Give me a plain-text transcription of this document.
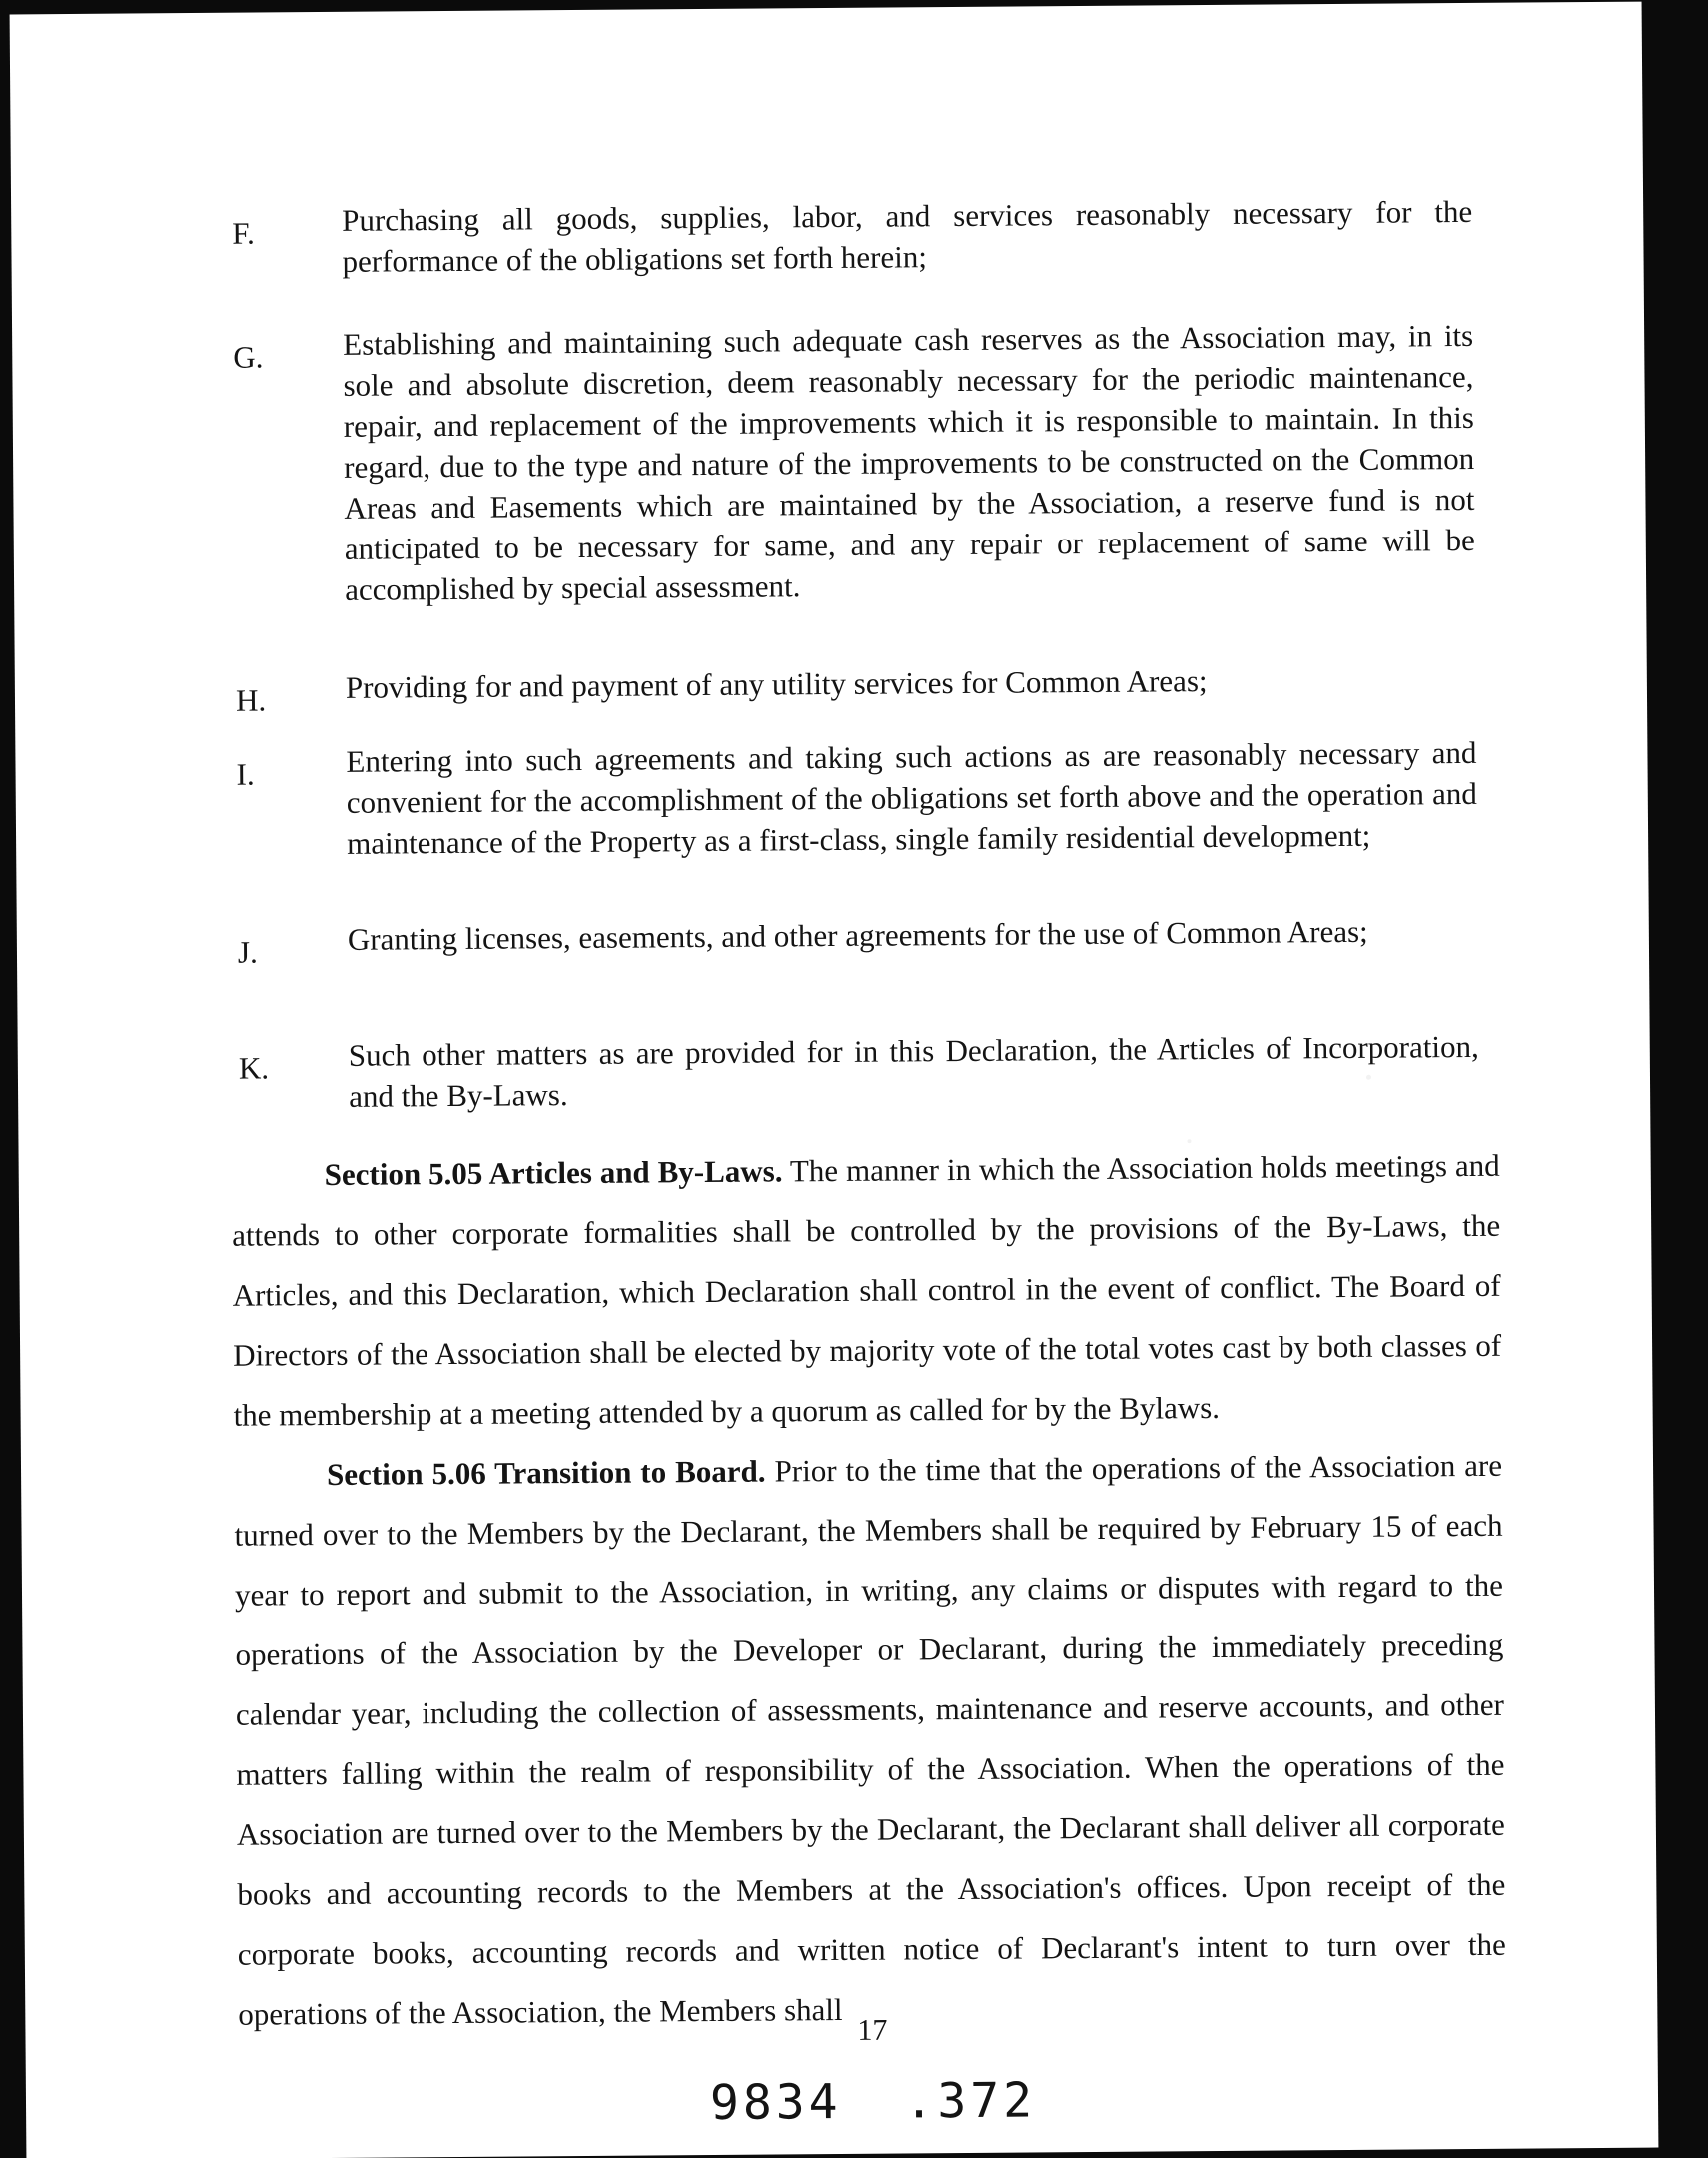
F.	Purchasing all goods, supplies, labor, and services reasonably necessary for the performance of the obligations set forth herein;
G.	Establishing and maintaining such adequate cash reserves as the Association may, in its sole and absolute discretion, deem reasonably necessary for the periodic maintenance, repair, and replacement of the improvements which it is responsible to maintain. In this regard, due to the type and nature of the improvements to be constructed on the Common Areas and Easements which are maintained by the Association, a reserve fund is not anticipated to be necessary for same, and any repair or replacement of same will be accomplished by special assessment.
H.	Providing for and payment of any utility services for Common Areas;
I.	Entering into such agreements and taking such actions as are reasonably necessary and convenient for the accomplishment of the obligations set forth above and the operation and maintenance of the Property as a first-class, single family residential development;
J.	Granting licenses, easements, and other agreements for the use of Common Areas;
K.	Such other matters as are provided for in this Declaration, the Articles of Incorporation, and the By-Laws.

Section 5.05 Articles and By-Laws. The manner in which the Association holds meetings and attends to other corporate formalities shall be controlled by the provisions of the By-Laws, the Articles, and this Declaration, which Declaration shall control in the event of conflict. The Board of Directors of the Association shall be elected by majority vote of the total votes cast by both classes of the membership at a meeting attended by a quorum as called for by the Bylaws.

Section 5.06 Transition to Board. Prior to the time that the operations of the Association are turned over to the Members by the Declarant, the Members shall be required by February 15 of each year to report and submit to the Association, in writing, any claims or disputes with regard to the operations of the Association by the Developer or Declarant, during the immediately preceding calendar year, including the collection of assessments, maintenance and reserve accounts, and other matters falling within the realm of responsibility of the Association. When the operations of the Association are turned over to the Members by the Declarant, the Declarant shall deliver all corporate books and accounting records to the Members at the Association's offices. Upon receipt of the corporate books, accounting records and written notice of Declarant's intent to turn over the operations of the Association, the Members shall 17
9834 .372
